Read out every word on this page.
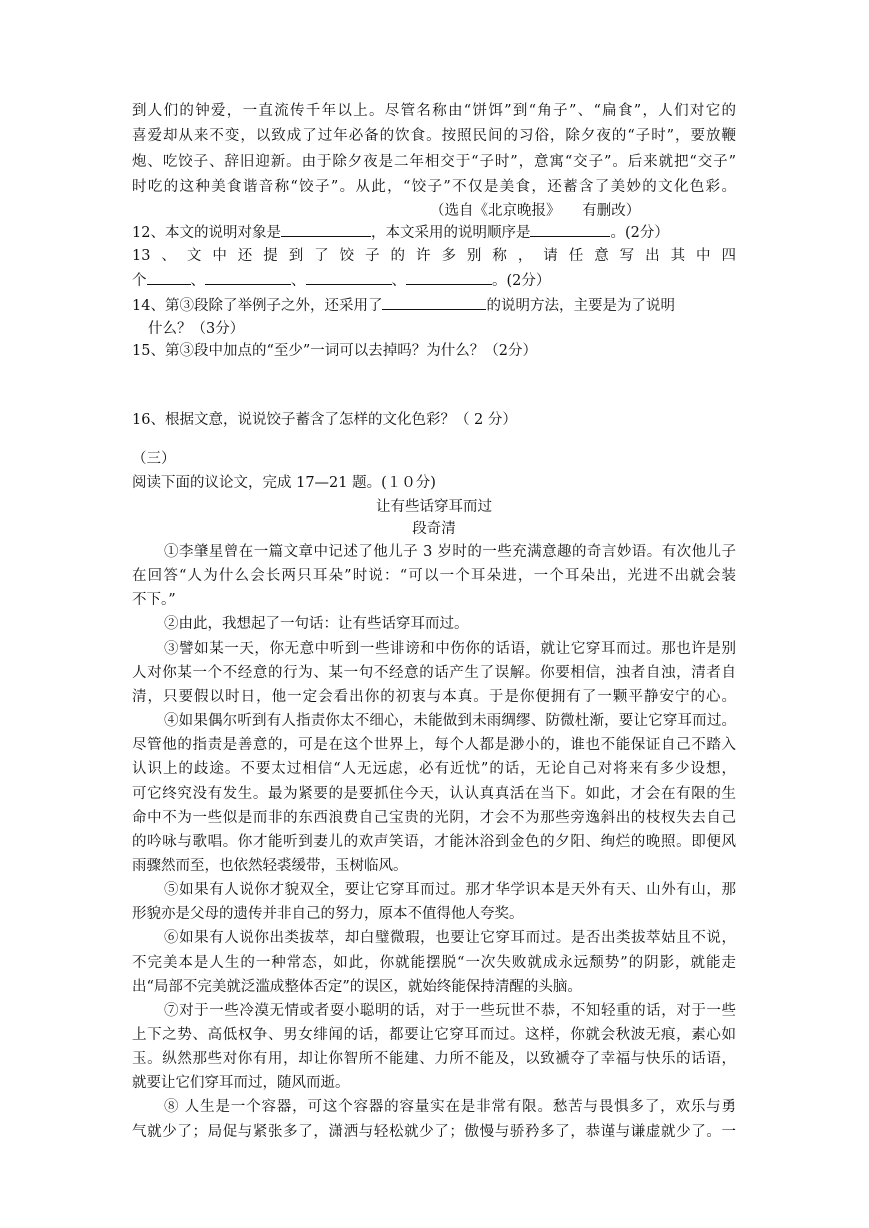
到人们的钟爱，一直流传千年以上。尽管名称由“饼饵”到“角子”、“扁食”，人们对它的
喜爱却从来不变，以致成了过年必备的饮食。按照民间的习俗，除夕夜的“子时”，要放鞭
炮、吃饺子、辞旧迎新。由于除夕夜是二年相交于“子时”，意寓“交子”。后来就把“交子”
时吃的这种美食谐音称“饺子”。从此，“饺子”不仅是美食，还蓄含了美妙的文化色彩。
（选自《北京晚报》　　有删改）
12、本文的说明对象是	，本文采用的说明顺序是	。(2分）
13、文中还提到了饺子的许多别称，请任意写出其中四
个	、	、	、	。(2分）
14、第③段除了举例子之外，还采用了	的说明方法，主要是为了说明
什么？（3分）
15、第③段中加点的“至少”一词可以去掉吗？为什么？（2分）
16、根据文意，说说饺子蓄含了怎样的文化色彩？（ 2 分）
（三）
阅读下面的议论文，完成 17—21 题。(１０分)
让有些话穿耳而过
段奇清
①李肇星曾在一篇文章中记述了他儿子 3 岁时的一些充满意趣的奇言妙语。有次他儿子
在回答“人为什么会长两只耳朵”时说：“可以一个耳朵进，一个耳朵出，光进不出就会装
不下。”
②由此，我想起了一句话：让有些话穿耳而过。
③譬如某一天，你无意中听到一些诽谤和中伤你的话语，就让它穿耳而过。那也许是别
人对你某一个不经意的行为、某一句不经意的话产生了误解。你要相信，浊者自浊，清者自
清，只要假以时日，他一定会看出你的初衷与本真。于是你便拥有了一颗平静安宁的心。
④如果偶尔听到有人指责你太不细心，未能做到未雨绸缪、防微杜渐，要让它穿耳而过。
尽管他的指责是善意的，可是在这个世界上，每个人都是渺小的，谁也不能保证自己不踏入
认识上的歧途。不要太过相信“人无远虑，必有近忧”的话，无论自己对将来有多少设想，
可它终究没有发生。最为紧要的是要抓住今天，认认真真活在当下。如此，才会在有限的生
命中不为一些似是而非的东西浪费自己宝贵的光阴，才会不为那些旁逸斜出的枝杈失去自己
的吟咏与歌唱。你才能听到妻儿的欢声笑语，才能沐浴到金色的夕阳、绚烂的晚照。即便风
雨骤然而至，也依然轻裘缓带，玉树临风。
⑤如果有人说你才貌双全，要让它穿耳而过。那才华学识本是天外有天、山外有山，那
形貌亦是父母的遗传并非自己的努力，原本不值得他人夸奖。
⑥如果有人说你出类拔萃，却白璧微瑕，也要让它穿耳而过。是否出类拔萃姑且不说，
不完美本是人生的一种常态，如此，你就能摆脱“一次失败就成永远颓势”的阴影，就能走
出“局部不完美就泛滥成整体否定”的误区，就始终能保持清醒的头脑。
⑦对于一些冷漠无情或者耍小聪明的话，对于一些玩世不恭，不知轻重的话，对于一些
上下之势、高低权争、男女绯闻的话，都要让它穿耳而过。这样，你就会秋波无痕，素心如
玉。纵然那些对你有用，却让你智所不能建、力所不能及，以致褫夺了幸福与快乐的话语，
就要让它们穿耳而过，随风而逝。
⑧ 人生是一个容器，可这个容器的容量实在是非常有限。愁苦与畏惧多了，欢乐与勇
气就少了；局促与紧张多了，潇洒与轻松就少了；傲慢与骄矜多了，恭谨与谦虚就少了。一
